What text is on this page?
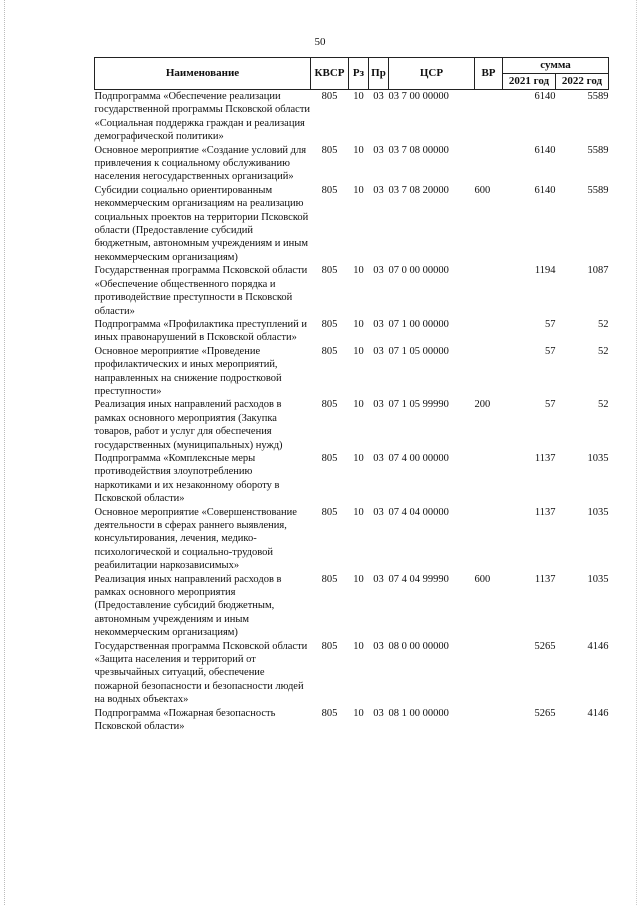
50
Наименование	КВСР	Рз	Пр	ЦСР	ВР	сумма	
						2021 год	2022 год
Подпрограмма «Обеспечение реализации государственной программы Псковской области «Социальная поддержка граждан и реализация демографической политики»	805	10	03	03 7 00 00000		6140	5589
Основное мероприятие «Создание условий для привлечения к социальному обслуживанию населения негосударственных организаций»	805	10	03	03 7 08 00000		6140	5589
Субсидии социально ориентированным некоммерческим организациям на реализацию социальных проектов на территории Псковской области (Предоставление субсидий бюджетным, автономным учреждениям и иным некоммерческим организациям)	805	10	03	03 7 08 20000	600	6140	5589
Государственная программа Псковской области «Обеспечение общественного порядка и противодействие преступности в Псковской области»	805	10	03	07 0 00 00000		1194	1087
Подпрограмма «Профилактика преступлений и иных правонарушений в Псковской области»	805	10	03	07 1 00 00000		57	52
Основное мероприятие «Проведение профилактических и иных мероприятий, направленных на снижение подростковой преступности»	805	10	03	07 1 05 00000		57	52
Реализация иных направлений расходов в рамках основного мероприятия (Закупка товаров, работ и услуг для обеспечения государственных (муниципальных) нужд)	805	10	03	07 1 05 99990	200	57	52
Подпрограмма «Комплексные меры противодействия злоупотреблению наркотиками и их незаконному обороту в Псковской области»	805	10	03	07 4 00 00000		1137	1035
Основное мероприятие «Совершенствование деятельности в сферах раннего выявления, консультирования, лечения, медико-психологической и социально-трудовой реабилитации наркозависимых»	805	10	03	07 4 04 00000		1137	1035
Реализация иных направлений расходов в рамках основного мероприятия (Предоставление субсидий бюджетным, автономным учреждениям и иным некоммерческим организациям)	805	10	03	07 4 04 99990	600	1137	1035
Государственная программа Псковской области «Защита населения и территорий от чрезвычайных ситуаций, обеспечение пожарной безопасности и безопасности людей на водных объектах»	805	10	03	08 0 00 00000		5265	4146
Подпрограмма «Пожарная безопасность Псковской области»	805	10	03	08 1 00 00000		5265	4146
